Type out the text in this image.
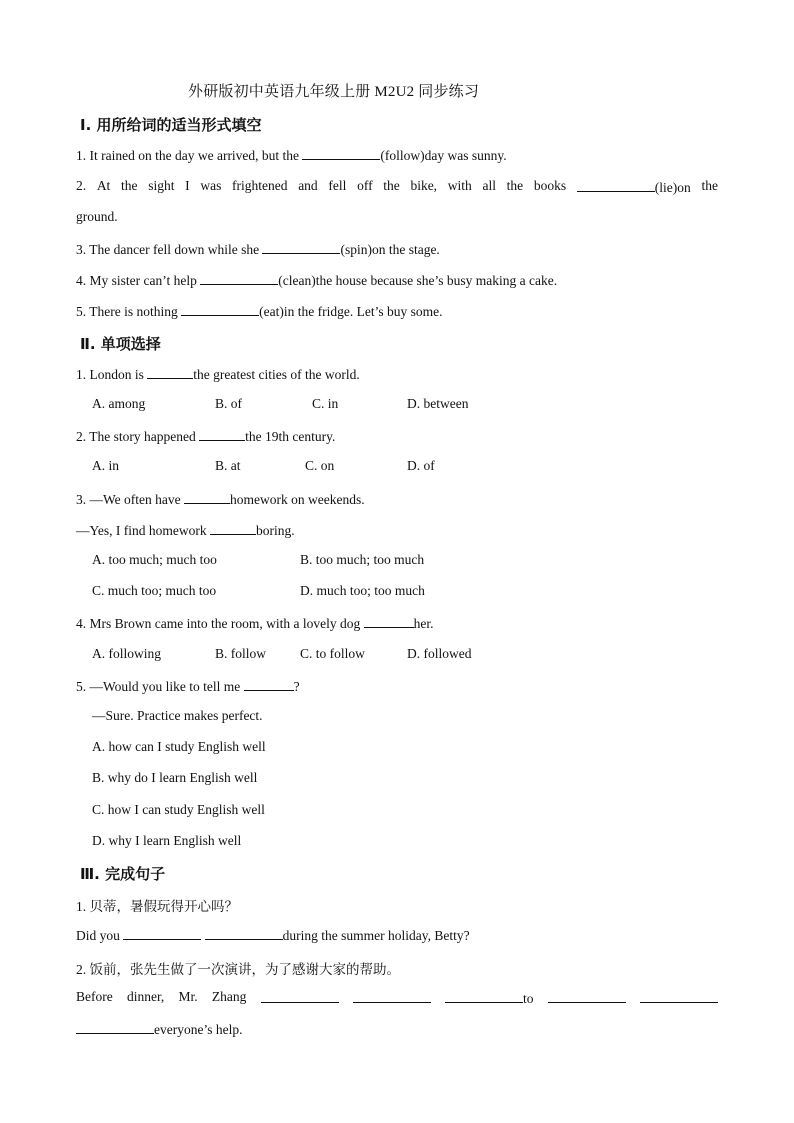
外研版初中英语九年级上册 M2U2 同步练习
Ⅰ. 用所给词的适当形式填空
1. It rained on the day we arrived, but the	(follow)day was sunny.
2. At the sight I was frightened and fell off the bike, with all the books	(lie)on the
ground.
3. The dancer fell down while she	(spin)on the stage.
4. My sister can’t help	(clean)the house because she’s busy making a cake.
5. There is nothing	(eat)in the fridge. Let’s buy some.
Ⅱ. 单项选择
1. London is	the greatest cities of the world.
A. among	B. of	C. in	D. between
2. The story happened	the 19th century.
A. in	B. at	C. on	D. of
3. —We often have	homework on weekends.
—Yes, I find homework	boring.
A. too much; much too	B. too much; too much
C. much too; much too	D. much too; too much
4. Mrs Brown came into the room, with a lovely dog	her.
A. following	B. follow	C. to follow	D. followed
5. —Would you like to tell me	?
—Sure. Practice makes perfect.
A. how can I study English well
B. why do I learn English well
C. how I can study English well
D. why I learn English well
Ⅲ. 完成句子
1. 贝蒂，暑假玩得开心吗？
Did you	during the summer holiday, Betty?
2. 饭前，张先生做了一次演讲，为了感谢大家的帮助。
Before dinner, Mr. Zhang	to
everyone’s help.
